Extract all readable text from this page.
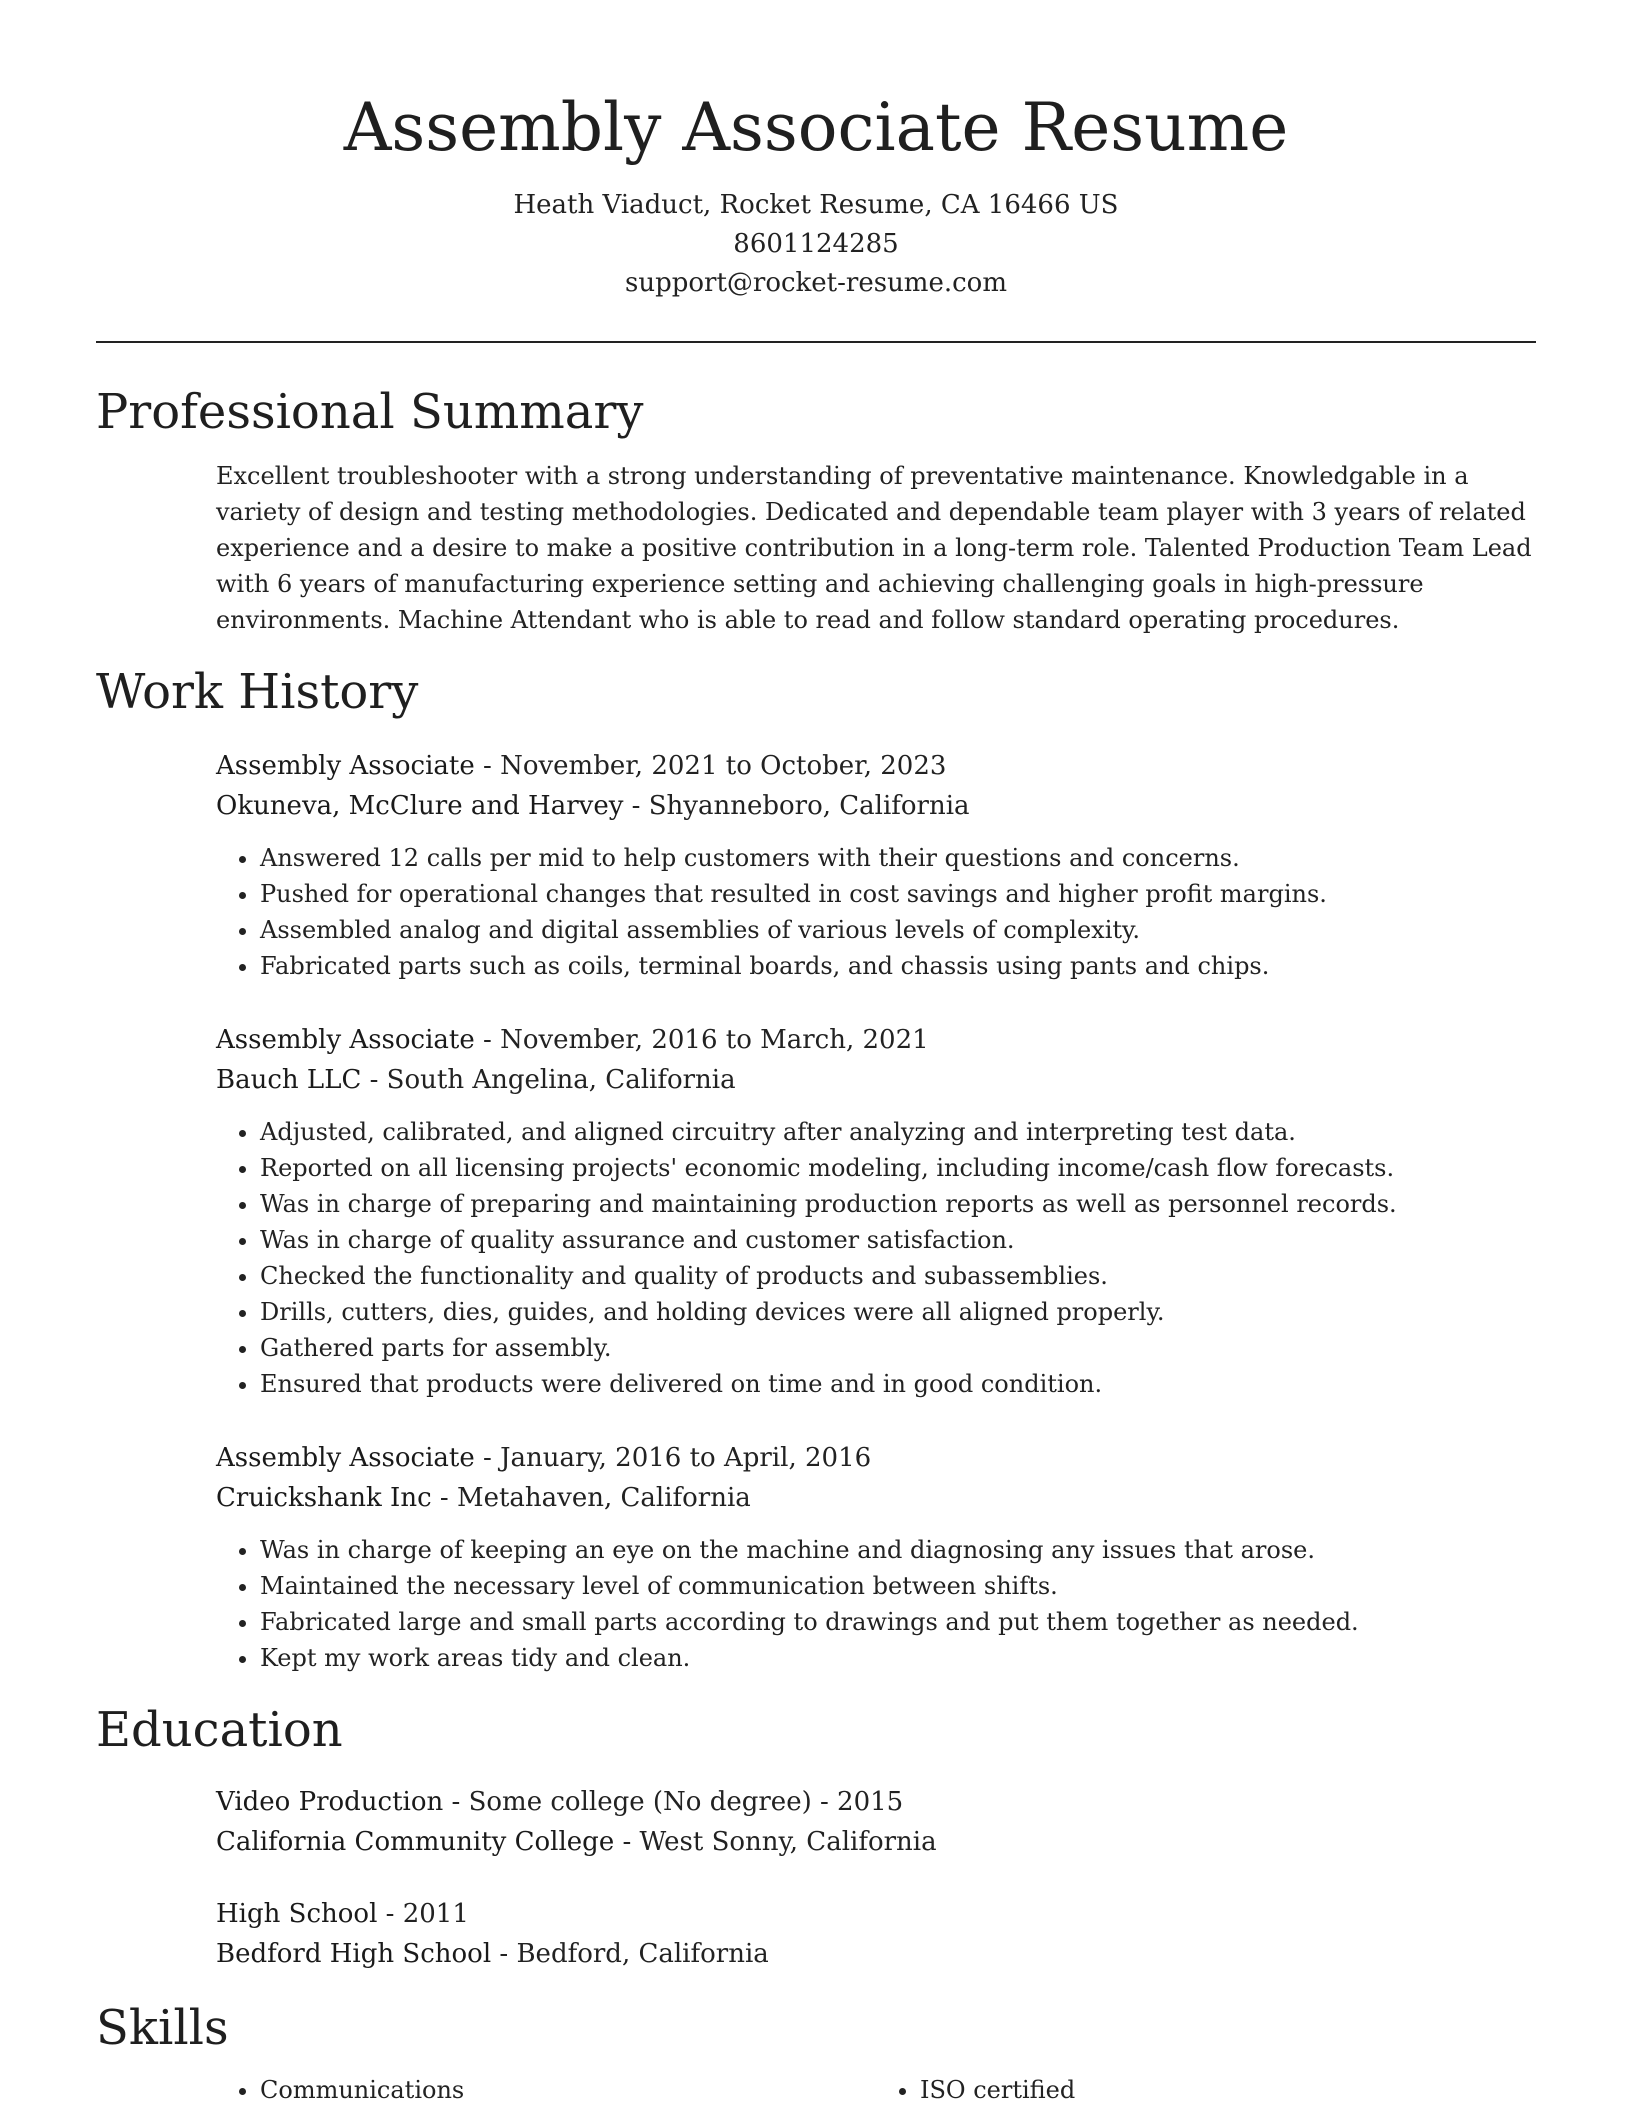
Assembly Associate Resume
Heath Viaduct, Rocket Resume, CA 16466 US
8601124285
support@rocket-resume.com
Professional Summary

Excellent troubleshooter with a strong understanding of preventative maintenance. Knowledgable in a variety of design and testing methodologies. Dedicated and dependable team player with 3 years of related experience and a desire to make a positive contribution in a long-term role. Talented Production Team Lead with 6 years of manufacturing experience setting and achieving challenging goals in high-pressure environments. Machine Attendant who is able to read and follow standard operating procedures.

Work History
Assembly Associate - November, 2021 to October, 2023
Okuneva, McClure and Harvey - Shyanneboro, California
• Answered 12 calls per mid to help customers with their questions and concerns.
• Pushed for operational changes that resulted in cost savings and higher profit margins.
• Assembled analog and digital assemblies of various levels of complexity.
• Fabricated parts such as coils, terminal boards, and chassis using pants and chips.
Assembly Associate - November, 2016 to March, 2021
Bauch LLC - South Angelina, California
• Adjusted, calibrated, and aligned circuitry after analyzing and interpreting test data.
• Reported on all licensing projects' economic modeling, including income/cash flow forecasts.
• Was in charge of preparing and maintaining production reports as well as personnel records.
• Was in charge of quality assurance and customer satisfaction.
• Checked the functionality and quality of products and subassemblies.
• Drills, cutters, dies, guides, and holding devices were all aligned properly.
• Gathered parts for assembly.
• Ensured that products were delivered on time and in good condition.
Assembly Associate - January, 2016 to April, 2016
Cruickshank Inc - Metahaven, California
• Was in charge of keeping an eye on the machine and diagnosing any issues that arose.
• Maintained the necessary level of communication between shifts.
• Fabricated large and small parts according to drawings and put them together as needed.
• Kept my work areas tidy and clean.
Education
Video Production - Some college (No degree) - 2015
California Community College - West Sonny, California
High School - 2011
Bedford High School - Bedford, California
Skills
• Communications
•	ISO certified
